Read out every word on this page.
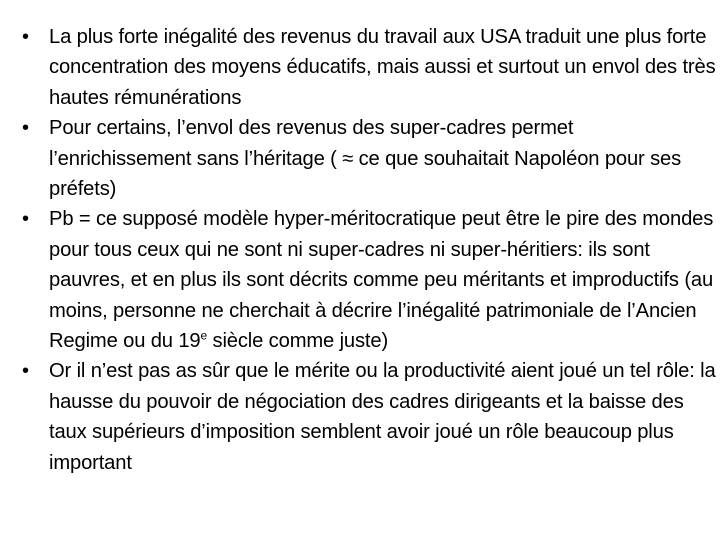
• La plus forte inégalité des revenus du travail aux USA traduit une plus forte concentration des moyens éducatifs, mais aussi et surtout un envol des très hautes rémunérations
• Pour certains, l’envol des revenus des super-cadres permet l’enrichissement sans l’héritage ( ≈ ce que souhaitait Napoléon pour ses préfets)
• Pb = ce supposé modèle hyper-méritocratique peut être le pire des mondes pour tous ceux qui ne sont ni super-cadres ni super-héritiers: ils sont pauvres, et en plus ils sont décrits comme peu méritants et improductifs (au moins, personne ne cherchait à décrire l’inégalité patrimoniale de l’Ancien Regime ou du 19e siècle comme juste)
• Or il n’est pas as sûr que le mérite ou la productivité aient joué un tel rôle: la hausse du pouvoir de négociation des cadres dirigeants et la baisse des taux supérieurs d’imposition semblent avoir joué un rôle beaucoup plus important
